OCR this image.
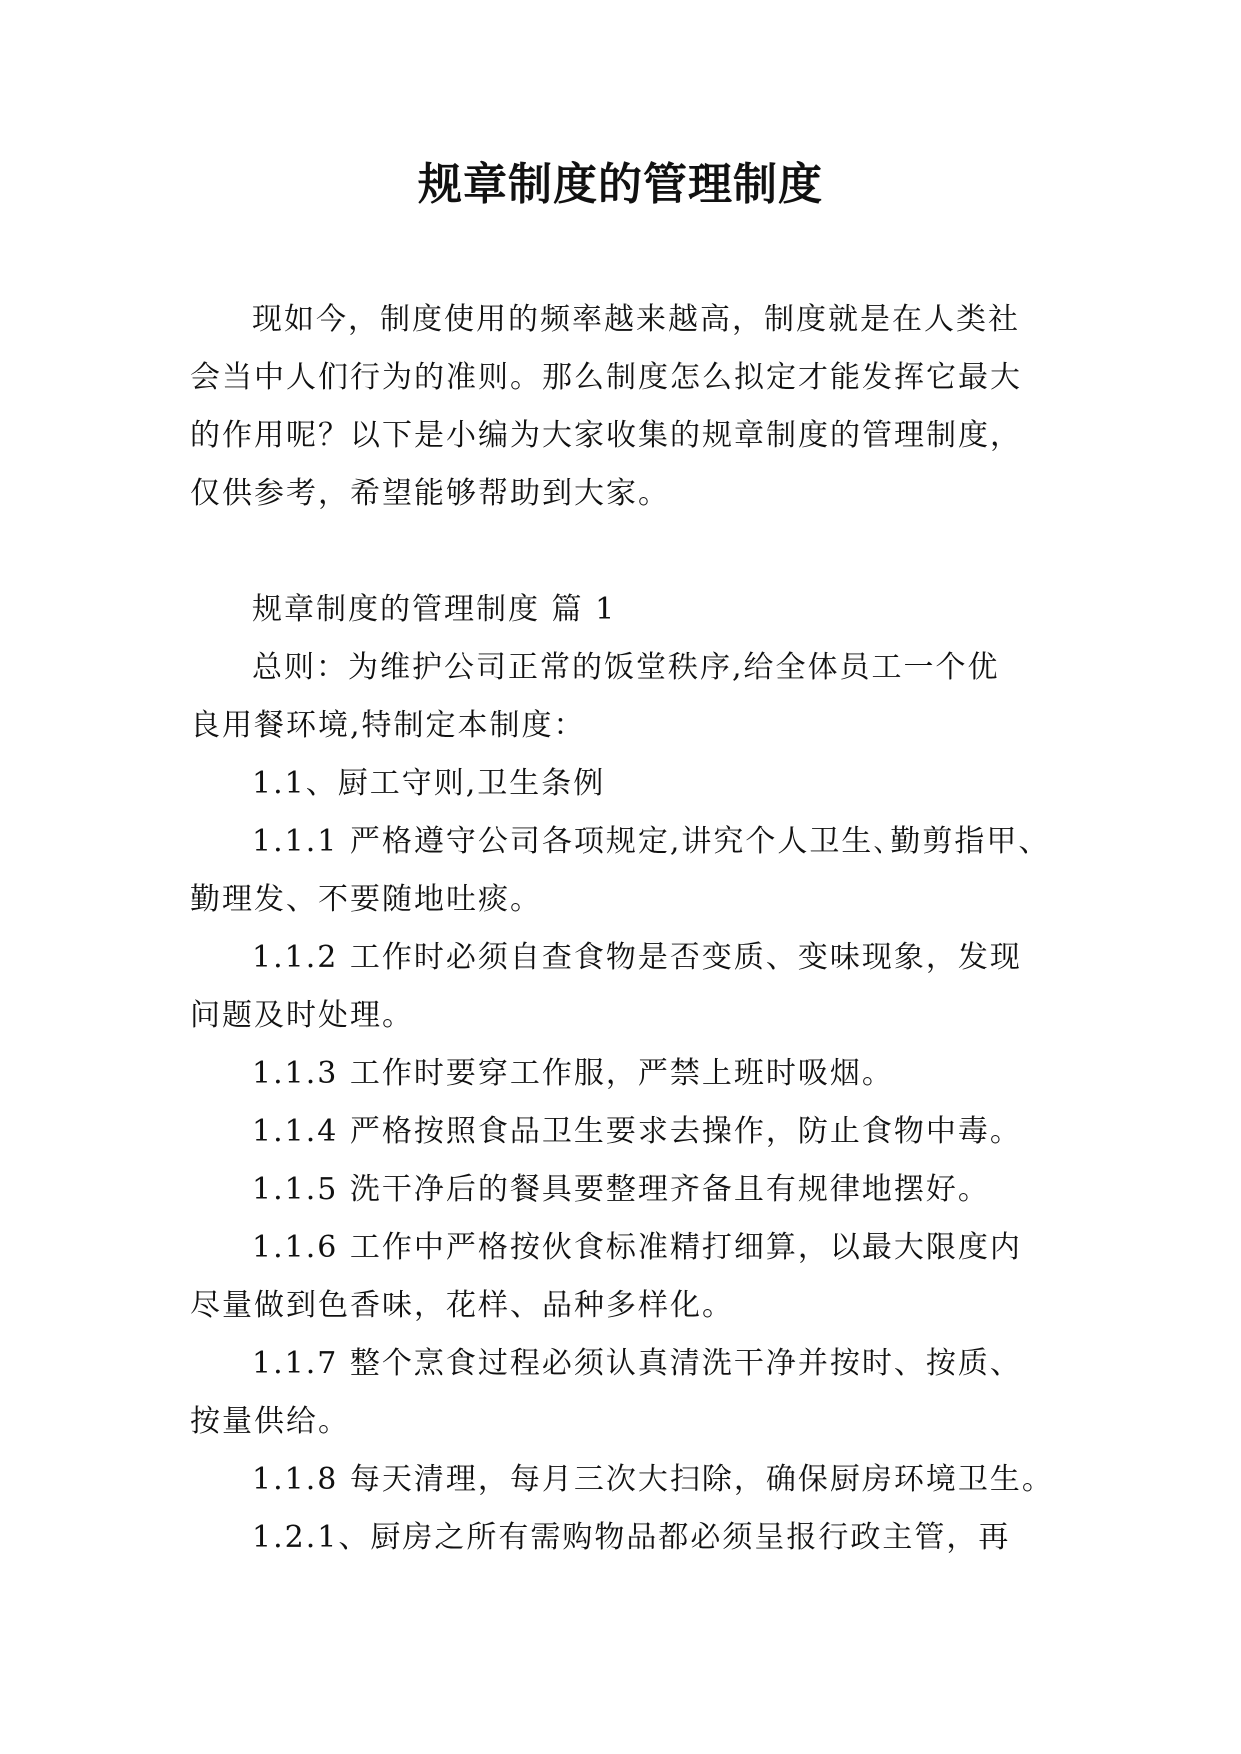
规章制度的管理制度
现如今，制度使用的频率越来越高，制度就是在人类社
会当中人们行为的准则。那么制度怎么拟定才能发挥它最大
的作用呢？以下是小编为大家收集的规章制度的管理制度，
仅供参考，希望能够帮助到大家。
规章制度的管理制度 篇 1
总则：为维护公司正常的饭堂秩序,给全体员工一个优
良用餐环境,特制定本制度：
1.1、厨工守则,卫生条例
1.1.1 严格遵守公司各项规定,讲究个人卫生､勤剪指甲、
勤理发、不要随地吐痰。
1.1.2 工作时必须自查食物是否变质、变味现象，发现
问题及时处理。
1.1.3 工作时要穿工作服，严禁上班时吸烟。
1.1.4 严格按照食品卫生要求去操作，防止食物中毒。
1.1.5 洗干净后的餐具要整理齐备且有规律地摆好。
1.1.6 工作中严格按伙食标准精打细算，以最大限度内
尽量做到色香味，花样、品种多样化。
1.1.7 整个烹食过程必须认真清洗干净并按时、按质、
按量供给。
1.1.8 每天清理，每月三次大扫除，确保厨房环境卫生。
1.2.1、厨房之所有需购物品都必须呈报行政主管，再
